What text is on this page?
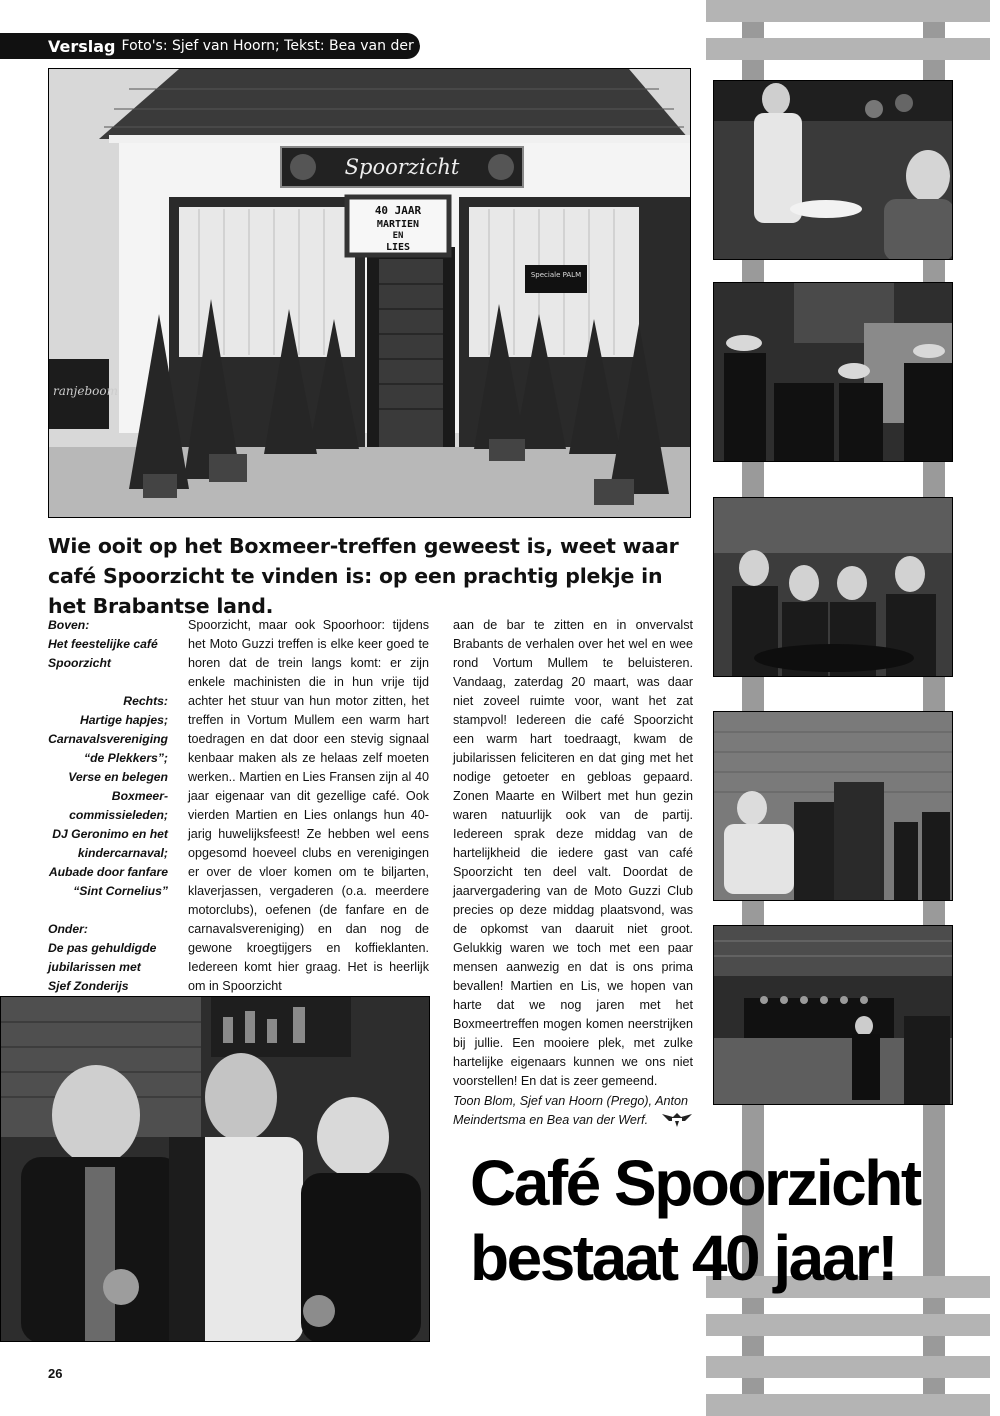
Verslag Foto's: Sjef van Hoorn; Tekst: Bea van der Werf
Spoorzicht
Speciale PALM
40 JAAR
MARTIEN
EN
LIES
ranjeboom
Wie ooit op het Boxmeer-treffen geweest is, weet waar café Spoorzicht te vinden is: op een prachtig plekje in het Brabantse land.
Boven:
Het feestelijke café
Spoorzicht
Rechts:
Hartige hapjes;
Carnavalsvereniging
“de Plekkers”;
Verse en belegen
Boxmeer-
commissieleden;
DJ Geronimo en het
kindercarnaval;
Aubade door fanfare
“Sint Cornelius”
Onder:
De pas gehuldigde
jubilarissen met
Sjef Zonderijs

Spoorzicht, maar ook Spoorhoor: tijdens het Moto Guzzi treffen is elke keer goed te horen dat de trein langs komt: er zijn enkele machinisten die in hun vrije tijd achter het stuur van hun motor zitten, het treffen in Vortum Mullem een warm hart toedragen en dat door een stevig signaal kenbaar maken als ze helaas zelf moeten werken.. Martien en Lies Fransen zijn al 40 jaar eigenaar van dit gezellige café. Ook vierden Martien en Lies onlangs hun 40-jarig huwelijksfeest! Ze hebben wel eens opgesomd hoeveel clubs en verenigingen er over de vloer komen om te biljarten, klaverjassen, vergaderen (o.a. meerdere motorclubs), oefenen (de fanfare en de carnavalsvereniging) en dan nog de gewone kroegtijgers en koffieklanten. Iedereen komt hier graag. Het is heerlijk om in Spoorzicht

aan de bar te zitten en in onvervalst Brabants de verhalen over het wel en wee rond Vortum Mullem te beluisteren. Vandaag, zaterdag 20 maart, was daar niet zoveel ruimte voor, want het zat stampvol! Iedereen die café Spoorzicht een warm hart toedraagt, kwam de jubilarissen feliciteren en dat ging met het nodige getoeter en gebloas gepaard. Zonen Maarte en Wilbert met hun gezin waren natuurlijk ook van de partij. Iedereen sprak deze middag van de hartelijkheid die iedere gast van café Spoorzicht ten deel valt. Doordat de jaarvergadering van de Moto Guzzi Club precies op deze middag plaatsvond, was de opkomst van daaruit niet groot. Gelukkig waren we toch met een paar mensen aanwezig en dat is ons prima bevallen! Martien en Lis, we hopen van harte dat we nog jaren met het Boxmeertreffen mogen komen neerstrijken bij jullie. Een mooiere plek, met zulke hartelijke eigenaars kunnen we ons niet voorstellen! En dat is zeer gemeend.

Toon Blom, Sjef van Hoorn (Prego), Anton Meindertsma en Bea van der Werf.
Café Spoorzicht
bestaat 40 jaar!
26
